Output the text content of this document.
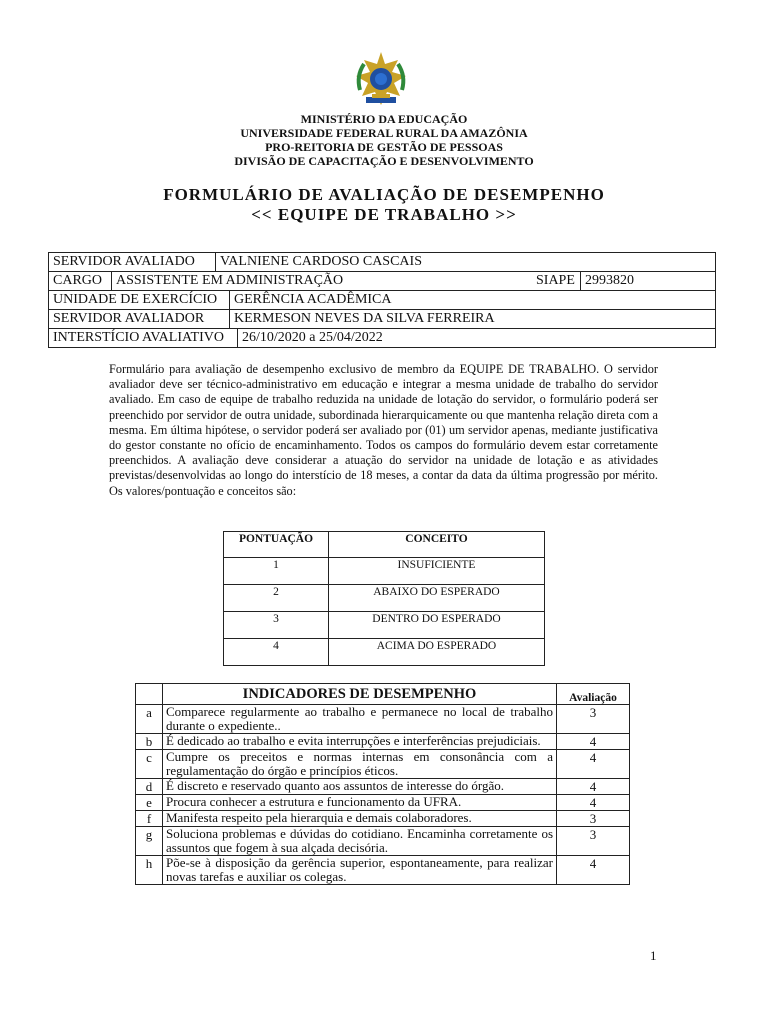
MINISTÉRIO DA EDUCAÇÃO
UNIVERSIDADE FEDERAL RURAL DA AMAZÔNIA
PRO-REITORIA DE GESTÃO DE PESSOAS
DIVISÃO DE CAPACITAÇÃO E DESENVOLVIMENTO
FORMULÁRIO DE AVALIAÇÃO DE DESEMPENHO
<< EQUIPE DE TRABALHO >>
SERVIDOR AVALIADO	VALNIENE CARDOSO CASCAIS
CARGO ASSISTENTE EM ADMINISTRAÇÃO	SIAPE 2993820
UNIDADE DE EXERCÍCIO	GERÊNCIA ACADÊMICA
SERVIDOR AVALIADOR	KERMESON NEVES DA SILVA FERREIRA
INTERSTÍCIO AVALIATIVO	26/10/2020 a 25/04/2022
Formulário para avaliação de desempenho exclusivo de membro da EQUIPE DE TRABALHO. O servidor avaliador deve ser técnico-administrativo em educação e integrar a mesma unidade de trabalho do servidor avaliado. Em caso de equipe de trabalho reduzida na unidade de lotação do servidor, o formulário poderá ser preenchido por servidor de outra unidade, subordinada hierarquicamente ou que mantenha relação direta com a mesma. Em última hipótese, o servidor poderá ser avaliado por (01) um servidor apenas, mediante justificativa do gestor constante no ofício de encaminhamento. Todos os campos do formulário devem estar corretamente preenchidos. A avaliação deve considerar a atuação do servidor na unidade de lotação e as atividades previstas/desenvolvidas ao longo do interstício de 18 meses, a contar da data da última progressão por mérito. Os valores/pontuação e conceitos são:
PONTUAÇÃO	CONCEITO
1	INSUFICIENTE
2	ABAIXO DO ESPERADO
3	DENTRO DO ESPERADO
4	ACIMA DO ESPERADO
	INDICADORES DE DESEMPENHO	Avaliação
a	Comparece regularmente ao trabalho e permanece no local de trabalho durante o expediente..	3
b	É dedicado ao trabalho e evita interrupções e interferências prejudiciais.	4
c	Cumpre os preceitos e normas internas em consonância com a regulamentação do órgão e princípios éticos.	4
d	É discreto e reservado quanto aos assuntos de interesse do órgão.	4
e	Procura conhecer a estrutura e funcionamento da UFRA.	4
f	Manifesta respeito pela hierarquia e demais colaboradores.	3
g	Soluciona problemas e dúvidas do cotidiano. Encaminha corretamente os assuntos que fogem à sua alçada decisória.	3
h	Põe-se à disposição da gerência superior, espontaneamente, para realizar novas tarefas e auxiliar os colegas.	4
1
